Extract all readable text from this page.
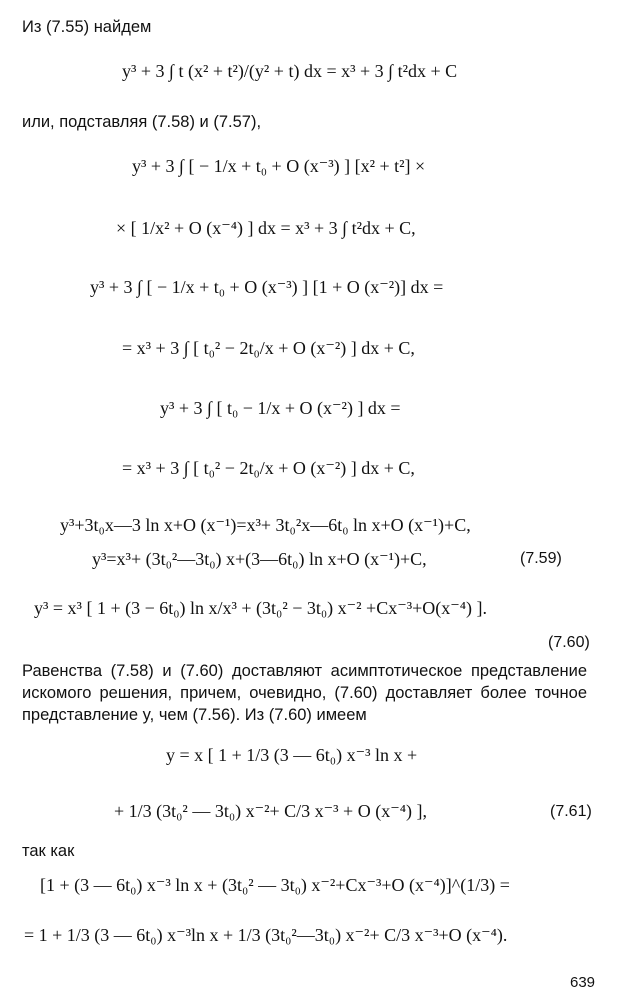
Из (7.55) найдем
y³ + 3 ∫ t (x² + t²)/(y² + t) dx = x³ + 3 ∫ t²dx + C
или, подставляя (7.58) и (7.57),
y³ + 3 ∫ [ − 1/x + t₀ + O (x⁻³) ] [x² + t²] ×
× [ 1/x² + O (x⁻⁴) ] dx = x³ + 3 ∫ t²dx + C,
y³ + 3 ∫ [ − 1/x + t₀ + O (x⁻³) ] [1 + O (x⁻²)] dx =
= x³ + 3 ∫ [ t₀² − 2t₀/x + O (x⁻²) ] dx + C,
y³ + 3 ∫ [ t₀ − 1/x + O (x⁻²) ] dx =
= x³ + 3 ∫ [ t₀² − 2t₀/x + O (x⁻²) ] dx + C,
y³+3t₀x—3 ln x+O (x⁻¹)=x³+ 3t₀²x—6t₀ ln x+O (x⁻¹)+C,
y³=x³+ (3t₀²—3t₀) x+(3—6t₀) ln x+O (x⁻¹)+C,	(7.59)
y³ = x³ [ 1 + (3 − 6t₀) ln x/x³ + (3t₀² − 3t₀) x⁻² +Cx⁻³+O(x⁻⁴) ].
(7.60)
Равенства (7.58) и (7.60) доставляют асимптотическое представление искомого решения, причем, очевидно, (7.60) доставляет более точное представление y, чем (7.56). Из (7.60) имеем
y = x [ 1 + 1/3 (3 — 6t₀) x⁻³ ln x +
+ 1/3 (3t₀² — 3t₀) x⁻²+ C/3 x⁻³ + O (x⁻⁴) ],	(7.61)
так как
[1 + (3 — 6t₀) x⁻³ ln x + (3t₀² — 3t₀) x⁻²+Cx⁻³+O (x⁻⁴)]^(1/3) =
= 1 + 1/3 (3 — 6t₀) x⁻³ln x + 1/3 (3t₀²—3t₀) x⁻²+ C/3 x⁻³+O (x⁻⁴).
639
